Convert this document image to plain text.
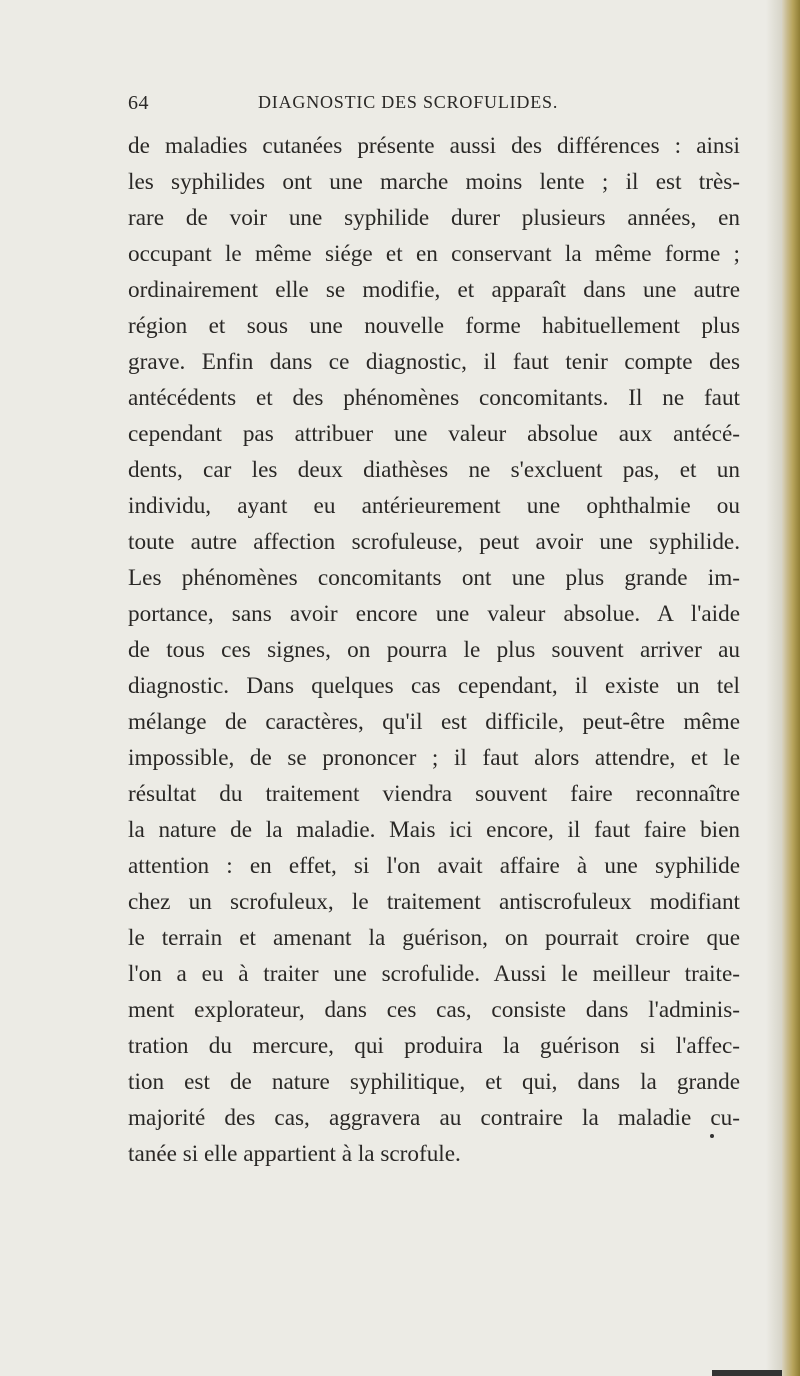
64	DIAGNOSTIC DES SCROFULIDES.
de maladies cutanées présente aussi des différences : ainsi
les syphilides ont une marche moins lente ; il est très-
rare de voir une syphilide durer plusieurs années, en
occupant le même siége et en conservant la même forme ;
ordinairement elle se modifie, et apparaît dans une autre
région et sous une nouvelle forme habituellement plus
grave. Enfin dans ce diagnostic, il faut tenir compte des
antécédents et des phénomènes concomitants. Il ne faut
cependant pas attribuer une valeur absolue aux antécé-
dents, car les deux diathèses ne s'excluent pas, et un
individu, ayant eu antérieurement une ophthalmie ou
toute autre affection scrofuleuse, peut avoir une syphilide.
Les phénomènes concomitants ont une plus grande im-
portance, sans avoir encore une valeur absolue. A l'aide
de tous ces signes, on pourra le plus souvent arriver au
diagnostic. Dans quelques cas cependant, il existe un tel
mélange de caractères, qu'il est difficile, peut-être même
impossible, de se prononcer ; il faut alors attendre, et le
résultat du traitement viendra souvent faire reconnaître
la nature de la maladie. Mais ici encore, il faut faire bien
attention : en effet, si l'on avait affaire à une syphilide
chez un scrofuleux, le traitement antiscrofuleux modifiant
le terrain et amenant la guérison, on pourrait croire que
l'on a eu à traiter une scrofulide. Aussi le meilleur traite-
ment explorateur, dans ces cas, consiste dans l'adminis-
tration du mercure, qui produira la guérison si l'affec-
tion est de nature syphilitique, et qui, dans la grande
majorité des cas, aggravera au contraire la maladie cu-
tanée si elle appartient à la scrofule.
